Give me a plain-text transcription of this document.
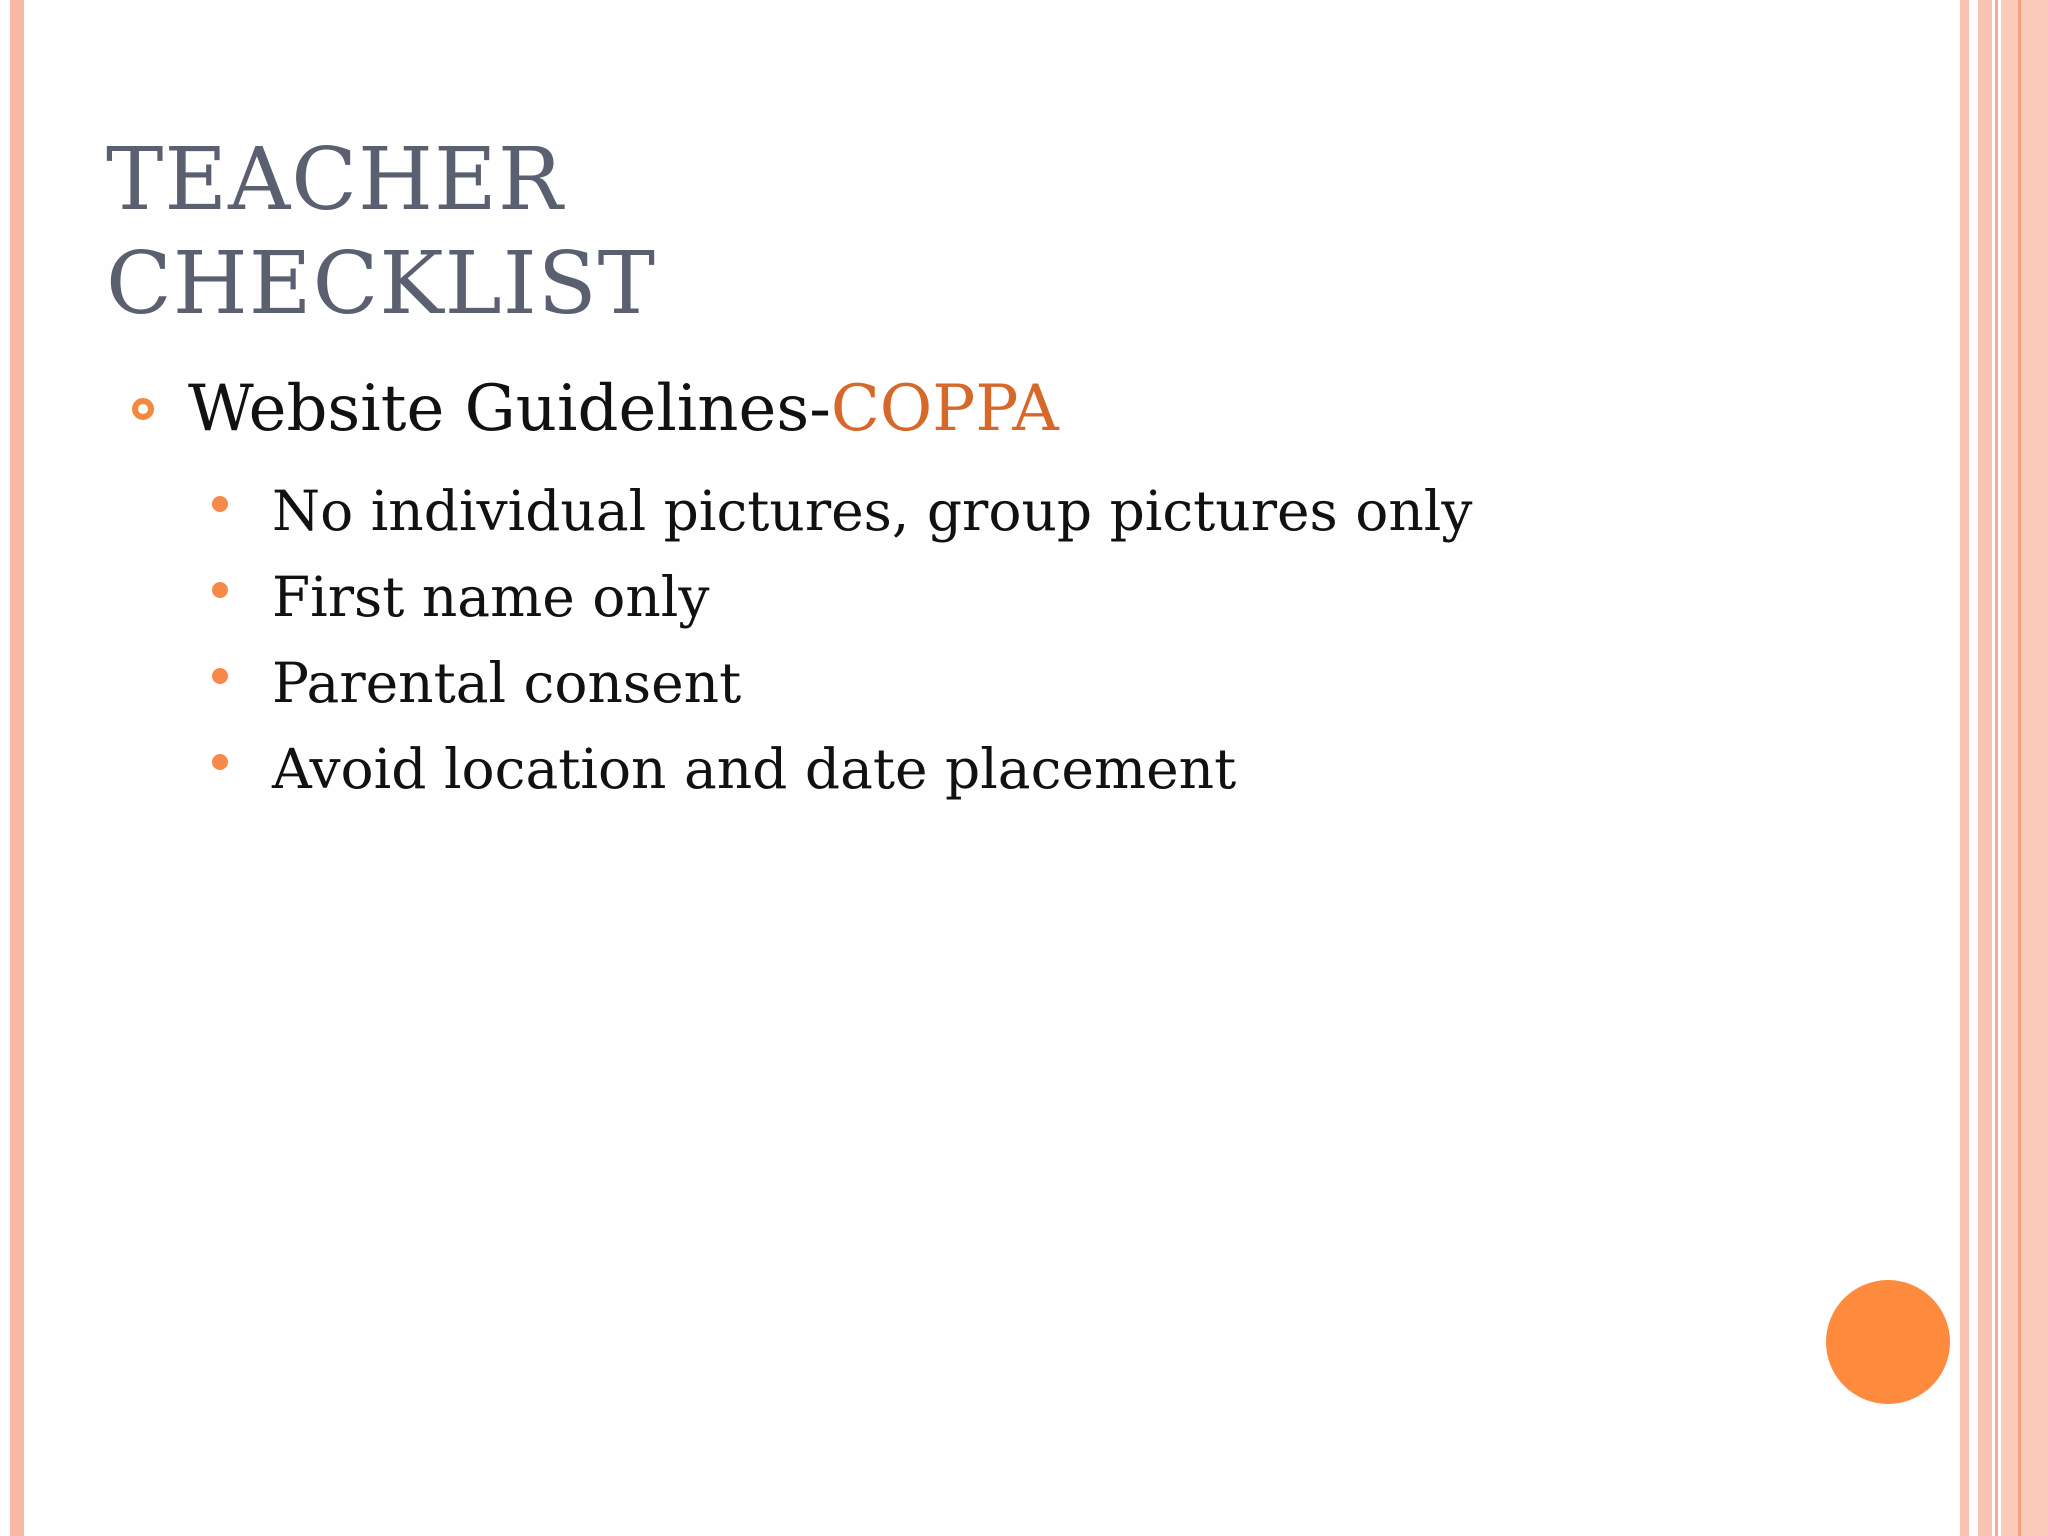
TEACHER
CHECKLIST
Website Guidelines-COPPA
No individual pictures, group pictures only
First name only
Parental consent
Avoid location and date placement
